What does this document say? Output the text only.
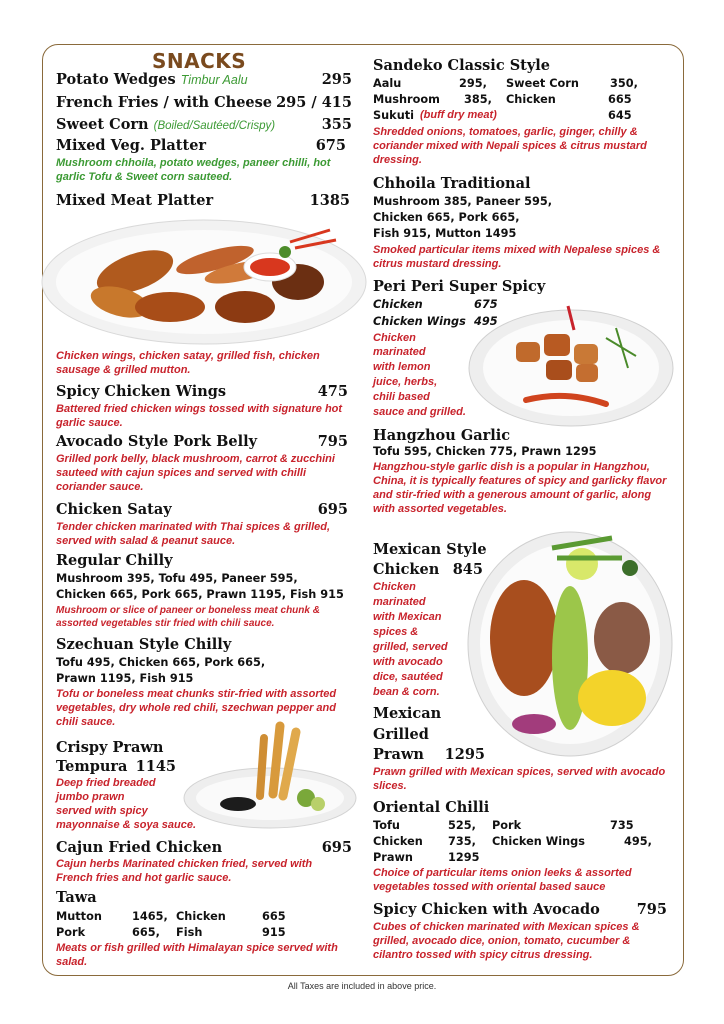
SNACKS
Potato Wedges Timbur Aalu	295
French Fries / with Cheese 295 / 415
Sweet Corn (Boiled/Sautéed/Crispy)	355
Mixed Veg. Platter	675
Mushroom chhoila, potato wedges, paneer chilli, hot garlic Tofu & Sweet corn sauteed.
Mixed Meat Platter	1385
Chicken wings, chicken satay, grilled fish, chicken sausage & grilled mutton.
Spicy Chicken Wings	475
Battered fried chicken wings tossed with signature hot garlic sauce.
Avocado Style Pork Belly	795
Grilled pork belly, black mushroom, carrot & zucchini sauteed with cajun spices and served with chilli coriander sauce.
Chicken Satay	695
Tender chicken marinated with Thai spices & grilled, served with salad & peanut sauce.
Regular Chilly
Mushroom 395, Tofu 495, Paneer 595,
Chicken 665, Pork 665, Prawn 1195, Fish 915
Mushroom or slice of paneer or boneless meat chunk & assorted vegetables stir fried with chili sauce.
Szechuan Style Chilly
Tofu 495, Chicken 665, Pork 665,
Prawn 1195, Fish 915
Tofu or boneless meat chunks stir-fried with assorted vegetables, dry whole red chili, szechwan pepper and chili sauce.
Crispy Prawn
Tempura 1145
Deep fried breaded
jumbo prawn
served with spicy
mayonnaise & soya sauce.
Cajun Fried Chicken	695
Cajun herbs Marinated chicken fried, served with French fries and hot garlic sauce.
Tawa
Mutton	1465, Chicken	665
Pork	665, Fish	915
Meats or fish grilled with Himalayan spice served with salad.
Sandeko Classic Style
Aalu	295, Sweet Corn	350,
Mushroom 385, Chicken	665
Sukuti (buff dry meat)	645
Shredded onions, tomatoes, garlic, ginger, chilly & coriander mixed with Nepali spices & citrus mustard dressing.
Chhoila Traditional
Mushroom 385, Paneer 595,
Chicken 665, Pork 665,
Fish 915, Mutton 1495
Smoked particular items mixed with Nepalese spices & citrus mustard dressing.
Peri Peri Super Spicy
Chicken	675
Chicken Wings 495
Chicken
marinated
with lemon
juice, herbs,
chili based
sauce and grilled.
Hangzhou Garlic
Tofu 595, Chicken 775, Prawn 1295
Hangzhou-style garlic dish is a popular in Hangzhou, China, it is typically features of spicy and garlicky flavor and stir-fried with a generous amount of garlic, along with assorted vegetables.
Mexican Style
Chicken 845
Chicken
marinated
with Mexican
spices &
grilled, served
with avocado
dice, sautéed
bean & corn.
Mexican
Grilled
Prawn 1295
Prawn grilled with Mexican spices, served with avocado slices.
Oriental Chilli
Tofu	525, Pork	735
Chicken 735, Chicken Wings	495,
Prawn	1295
Choice of particular items onion leeks & assorted vegetables tossed with oriental based sauce
Spicy Chicken with Avocado	795
Cubes of chicken marinated with Mexican spices & grilled, avocado dice, onion, tomato, cucumber & cilantro tossed with spicy citrus dressing.
All Taxes are included in above price.
